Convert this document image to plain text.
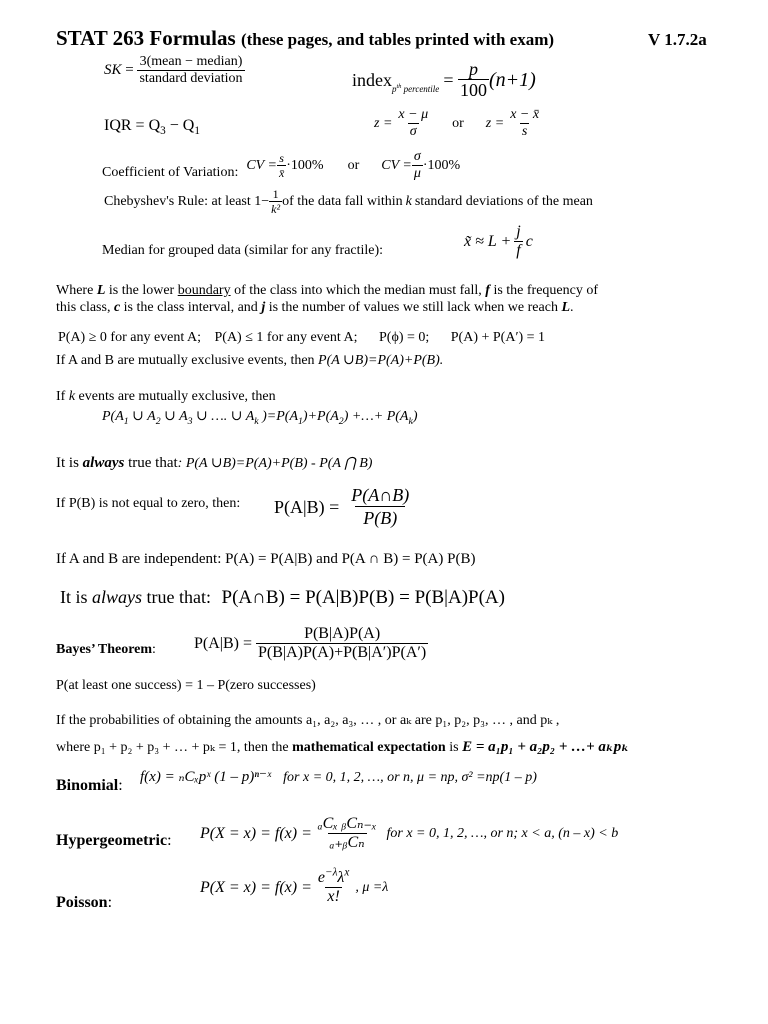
STAT 263 Formulas (these pages, and tables printed with exam)	V 1.7.2a
SK = $\frac{\text{3(mean − median)}}{\text{standard deviation}}$	index $p^{th}$ percentile = $\frac{p}{100} (n+1)$
IQR = $Q_3 - Q_1$
$z = \frac{x - \mu}{\sigma}$ or $z = \frac{x - x̄}{s}$
Coefficient of Variation: CV = $\frac{s}{x̄} \cdot 100\%$ or CV = $\frac{\sigma}{\mu} \cdot 100\%$
Chebyshev's Rule: at least $1- \frac{1}{\text{k²}}$ of the data fall within k standard deviations of the mean
Median for grouped data (similar for any fractile):
x̃ ≈ $L + \frac{j}{f}$ c
Where L is the lower boundary of the class into which the median must fall, f is the frequency of
this class, c is the class interval, and j is the number of values we still lack when we reach L.
P(A) ≥ 0 for any event A; P(A) ≤ 1 for any event A; P(ϕ) = 0; P(A) + P(A′) = 1
If A and B are mutually exclusive events, then P(A ∪B)=P(A)+P(B).
If k events are mutually exclusive, then
$P(A_1$ ∪ $A_2$ ∪ $A_3$ ∪ …. ∪ $A_k$ )$=P(A_1)+P(A_2)$ +…+ $P(A_k)$
It is always true that: P(A ∪B)=P(A)+P(B) - P(A ⋂ B)
If P(B) is not equal to zero, then: $P(A|B) = \frac{P(A\cap B)}{P(B)}$
If A and B are independent: P(A) = P(A|B) and P(A ∩ B) = P(A) P(B)
It is always true that: P(A∩B) = P(A|B)P(B) = P(B|A)P(A)
Bayes’ Theorem: $P(A|B) = \frac{P(B|A)P(A)}{P(B|A)P(A)+P(B|A')P(A')}$
P(at least one success) = 1 – P(zero successes)
If the probabilities of obtaining the amounts a₁, a₂, a₃, … , or aₖ are p₁, p₂, p₃, … , and pₖ ,
where p₁ + p₂ + p₃ + … + pₖ = 1, then the mathematical expectation is E = a₁p₁ + a₂p₂ + …+ aₖpₖ
Binomial: f(x) = ₙCₓpˣ (1 – p)ⁿ⁻ˣ for x = 0, 1, 2, …, or n, μ = np, σ² =np(1 – p)
Hypergeometric: $P(X = x) = f(x) = \frac{\text{ₐCₓ ᵦCₙ₋ₓ}}{\text{ₐ₊ᵦCₙ}}$ for x = 0, 1, 2, …, or n; x < a, (n – x) < b
Poisson:
$P(X = x) = f(x) = \frac{e^{-\lambda}\lambda^x}{x!}$ , μ =λ
